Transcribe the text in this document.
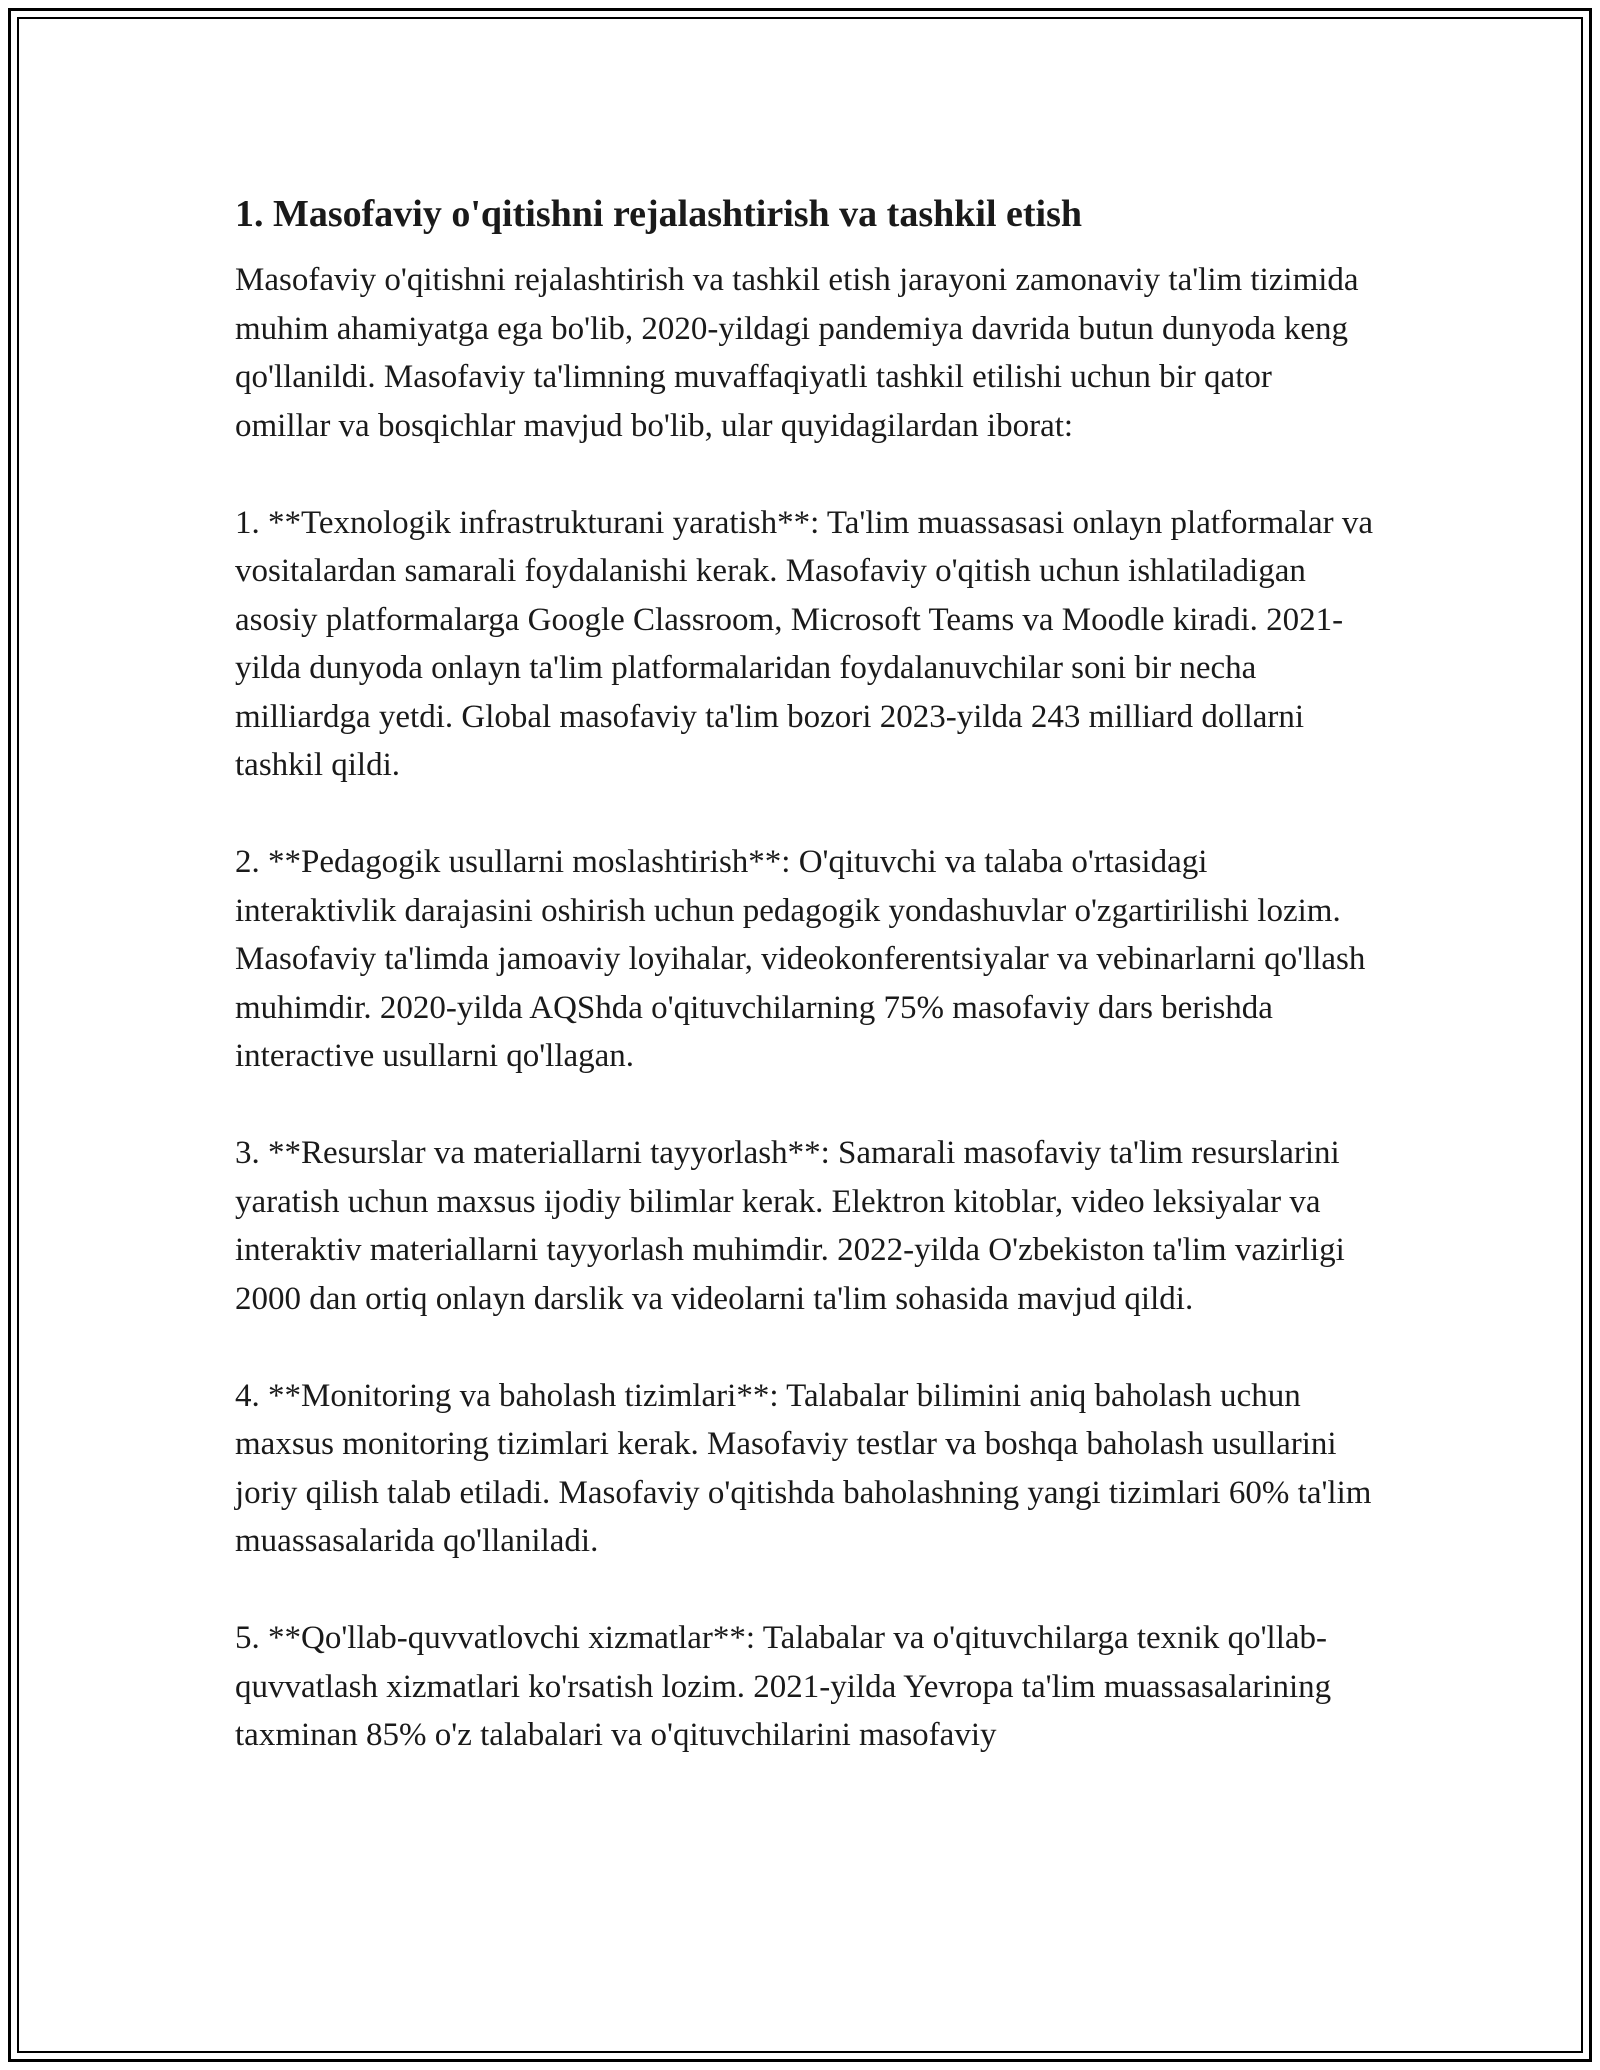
1. Masofaviy o'qitishni rejalashtirish va tashkil etish

Masofaviy o'qitishni rejalashtirish va tashkil etish jarayoni zamonaviy ta'lim tizimida muhim ahamiyatga ega bo'lib, 2020-yildagi pandemiya davrida butun dunyoda keng qo'llanildi. Masofaviy ta'limning muvaffaqiyatli tashkil etilishi uchun bir qator omillar va bosqichlar mavjud bo'lib, ular quyidagilardan iborat:

1. **Texnologik infrastrukturani yaratish**: Ta'lim muassasasi onlayn platformalar va vositalardan samarali foydalanishi kerak. Masofaviy o'qitish uchun ishlatiladigan asosiy platformalarga Google Classroom, Microsoft Teams va Moodle kiradi. 2021-yilda dunyoda onlayn ta'lim platformalaridan foydalanuvchilar soni bir necha milliardga yetdi. Global masofaviy ta'lim bozori 2023-yilda 243 milliard dollarni tashkil qildi.

2. **Pedagogik usullarni moslashtirish**: O'qituvchi va talaba o'rtasidagi interaktivlik darajasini oshirish uchun pedagogik yondashuvlar o'zgartirilishi lozim. Masofaviy ta'limda jamoaviy loyihalar, videokonferentsiyalar va vebinarlarni qo'llash muhimdir. 2020-yilda AQShda o'qituvchilarning 75% masofaviy dars berishda interactive usullarni qo'llagan.

3. **Resurslar va materiallarni tayyorlash**: Samarali masofaviy ta'lim resurslarini yaratish uchun maxsus ijodiy bilimlar kerak. Elektron kitoblar, video leksiyalar va interaktiv materiallarni tayyorlash muhimdir. 2022-yilda O'zbekiston ta'lim vazirligi 2000 dan ortiq onlayn darslik va videolarni ta'lim sohasida mavjud qildi.

4. **Monitoring va baholash tizimlari**: Talabalar bilimini aniq baholash uchun maxsus monitoring tizimlari kerak. Masofaviy testlar va boshqa baholash usullarini joriy qilish talab etiladi. Masofaviy o'qitishda baholashning yangi tizimlari 60% ta'lim muassasalarida qo'llaniladi.

5. **Qo'llab-quvvatlovchi xizmatlar**: Talabalar va o'qituvchilarga texnik qo'llab-quvvatlash xizmatlari ko'rsatish lozim. 2021-yilda Yevropa ta'lim muassasalarining taxminan 85% o'z talabalari va o'qituvchilarini masofaviy
